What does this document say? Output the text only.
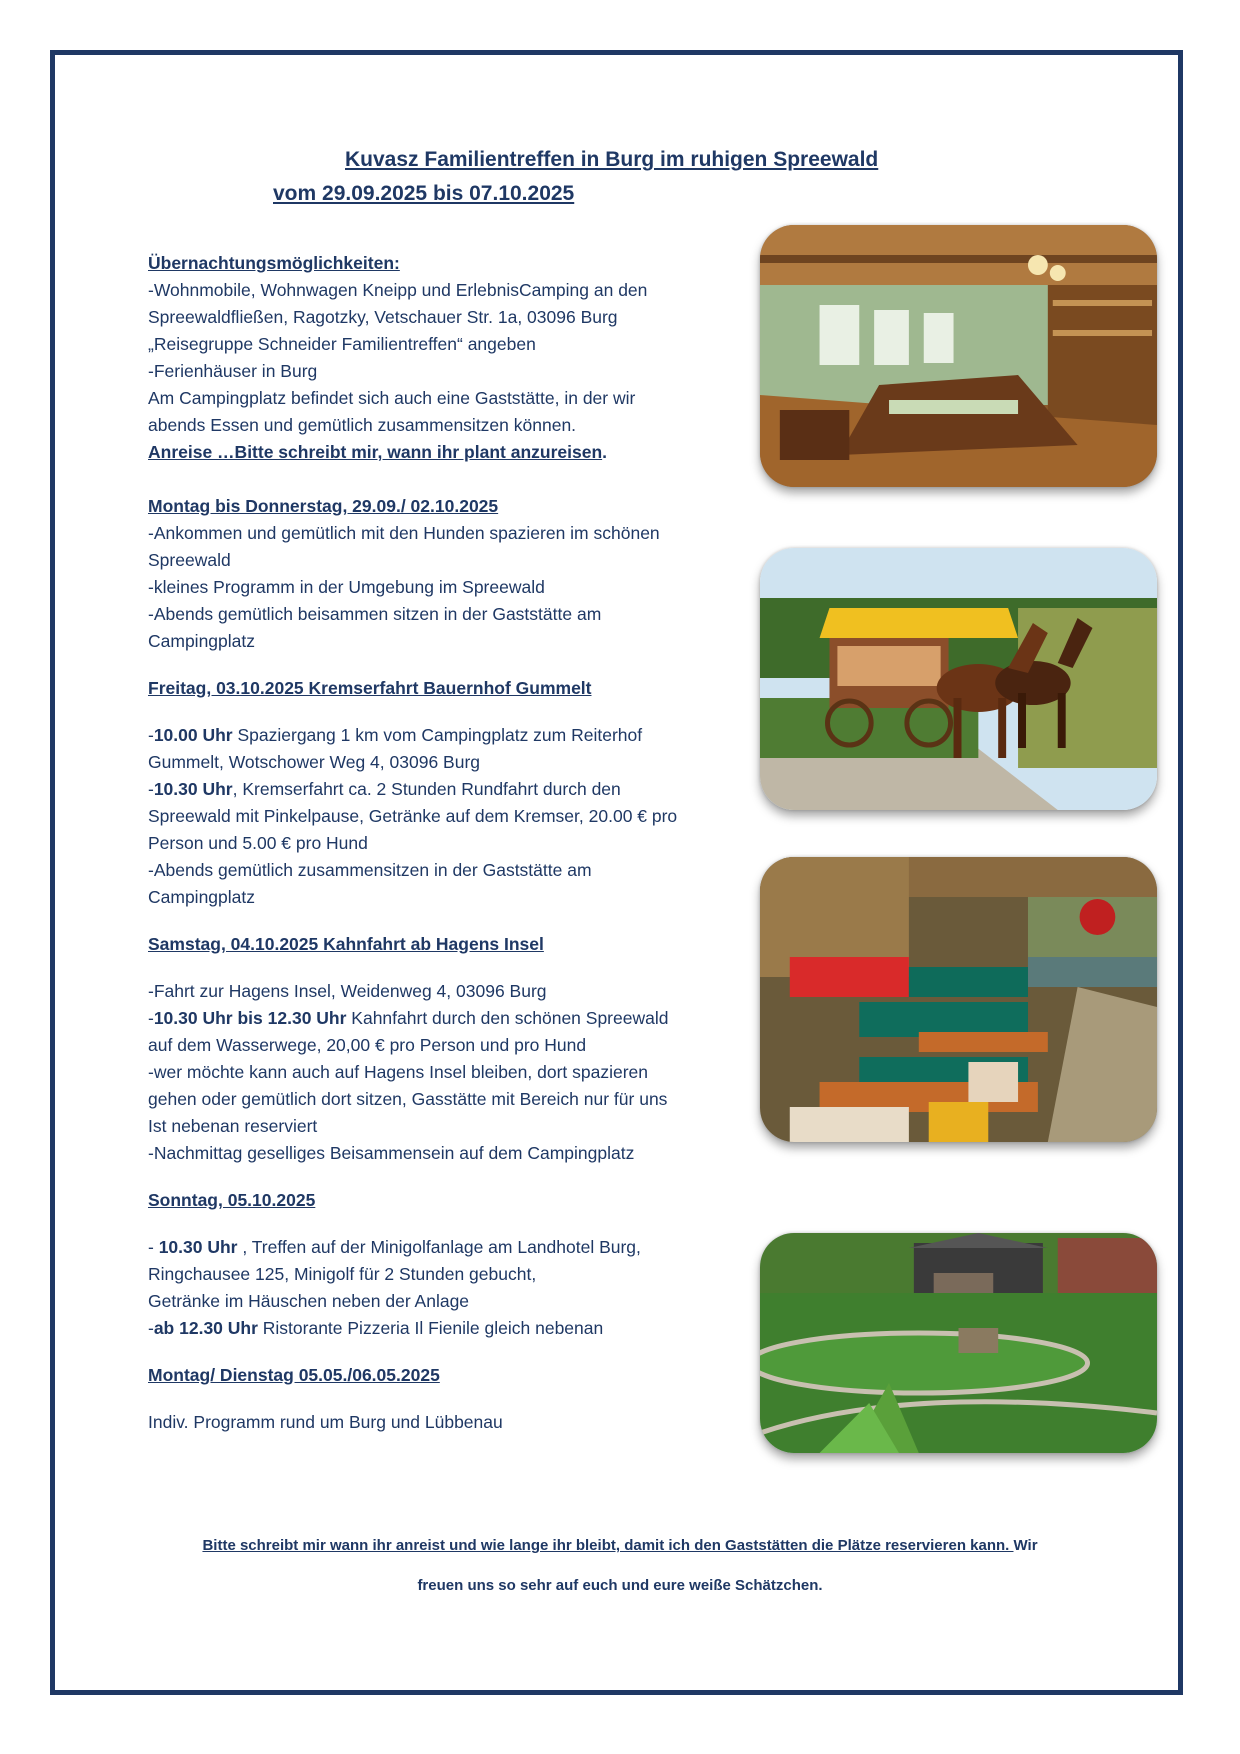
Kuvasz Familientreffen in Burg im ruhigen Spreewald
vom 29.09.2025 bis 07.10.2025

Übernachtungsmöglichkeiten:

-Wohnmobile, Wohnwagen Kneipp und ErlebnisCamping an den

Spreewaldfließen, Ragotzky, Vetschauer Str. 1a, 03096 Burg

„Reisegruppe Schneider Familientreffen“ angeben

-Ferienhäuser in Burg

Am Campingplatz befindet sich auch eine Gaststätte, in der wir

abends Essen und gemütlich zusammensitzen können.

Anreise …Bitte schreibt mir, wann ihr plant anzureisen.

Montag bis Donnerstag, 29.09./ 02.10.2025

-Ankommen und gemütlich mit den Hunden spazieren im schönen

Spreewald

-kleines Programm in der Umgebung im Spreewald

-Abends gemütlich beisammen sitzen in der Gaststätte am

Campingplatz

Freitag, 03.10.2025 Kremserfahrt Bauernhof Gummelt

-10.00 Uhr Spaziergang 1 km vom Campingplatz zum Reiterhof

Gummelt, Wotschower Weg 4, 03096 Burg

-10.30 Uhr, Kremserfahrt ca. 2 Stunden Rundfahrt durch den

Spreewald mit Pinkelpause, Getränke auf dem Kremser, 20.00 € pro

Person und 5.00 € pro Hund

-Abends gemütlich zusammensitzen in der Gaststätte am

Campingplatz

Samstag, 04.10.2025 Kahnfahrt ab Hagens Insel

-Fahrt zur Hagens Insel, Weidenweg 4, 03096 Burg

-10.30 Uhr bis 12.30 Uhr Kahnfahrt durch den schönen Spreewald

auf dem Wasserwege, 20,00 € pro Person und pro Hund

-wer möchte kann auch auf Hagens Insel bleiben, dort spazieren

gehen oder gemütlich dort sitzen, Gasstätte mit Bereich nur für uns

Ist nebenan reserviert

-Nachmittag geselliges Beisammensein auf dem Campingplatz

Sonntag, 05.10.2025

- 10.30 Uhr , Treffen auf der Minigolfanlage am Landhotel Burg,

Ringchausee 125, Minigolf für 2 Stunden gebucht,

Getränke im Häuschen neben der Anlage

-ab 12.30 Uhr Ristorante Pizzeria Il Fienile gleich nebenan

Montag/ Dienstag 05.05./06.05.2025

Indiv. Programm rund um Burg und Lübbenau

Bitte schreibt mir wann ihr anreist und wie lange ihr bleibt, damit ich den Gaststätten die Plätze reservieren kann. Wir
freuen uns so sehr auf euch und eure weiße Schätzchen.
